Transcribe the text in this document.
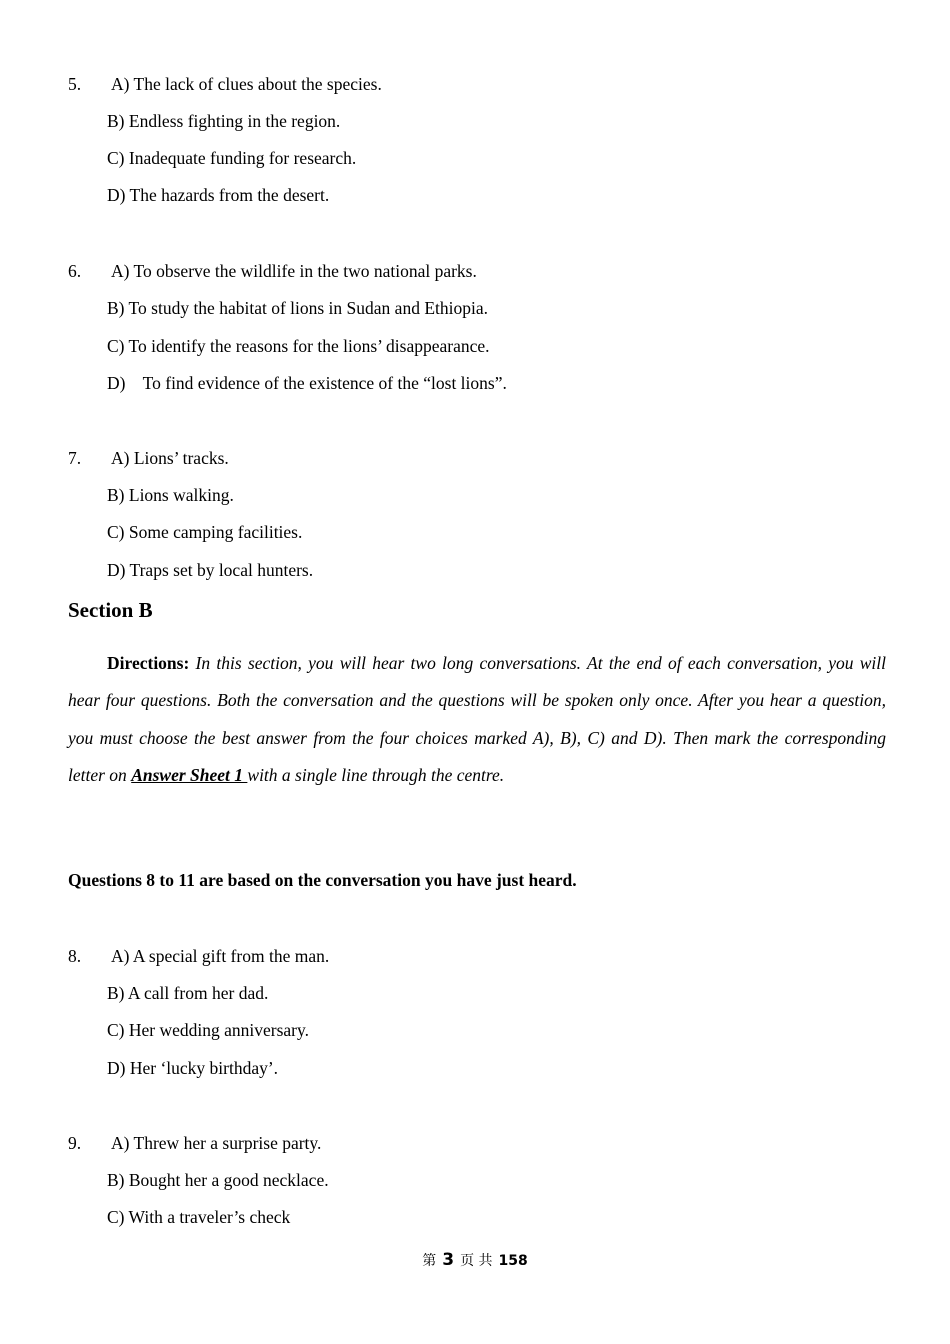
5. A) The lack of clues about the species.
B) Endless fighting in the region.
C) Inadequate funding for research.
D) The hazards from the desert.
6. A) To observe the wildlife in the two national parks.
B) To study the habitat of lions in Sudan and Ethiopia.
C) To identify the reasons for the lions’ disappearance.
D)    To find evidence of the existence of the “lost lions”.
7. A) Lions’ tracks.
B) Lions walking.
C) Some camping facilities.
D) Traps set by local hunters.
Section B
Directions: In this section, you will hear two long conversations. At the end of each conversation, you will hear four questions. Both the conversation and the questions will be spoken only once. After you hear a question, you must choose the best answer from the four choices marked A), B), C) and D). Then mark the corresponding letter on Answer Sheet 1 with a single line through the centre.
Questions 8 to 11 are based on the conversation you have just heard.
8. A) A special gift from the man.
B) A call from her dad.
C) Her wedding anniversary.
D) Her ‘lucky birthday’.
9. A) Threw her a surprise party.
B) Bought her a good necklace.
C) With a traveler’s check
第 3 页 共 158
